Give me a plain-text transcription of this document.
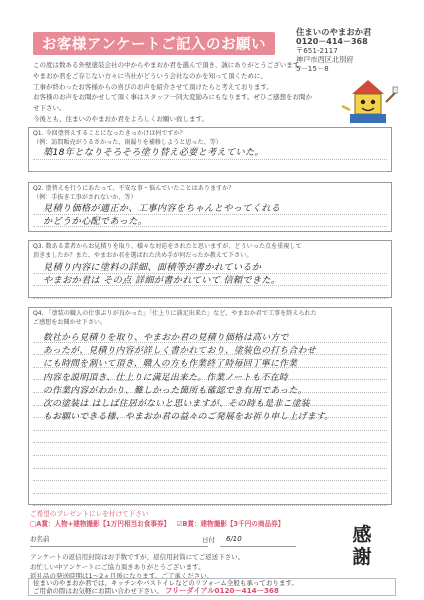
お客様アンケートご記入のお願い
住まいのやまおか君
0120－414－368
〒651-2117
神戸市西区北別府
5－15－8
この度は数ある外壁塗装会社の中からやまおか君を選んで頂き、誠にありがとうございます。
やまおか君をご存じない方々に当社がどういう会社なのかを知って頂くために、
工事が終わったお客様からの喜びのお声を紹介させて頂けたらと考えております。
お客様のお声をお聞かせして頂く事はスタッフ一同大変励みにもなります。ぜひご感想をお聞かせ下さい。
今後とも、住まいのやまおか君をよろしくお願い致します。
Q1. 今回塗替えすることになったきっかけは何ですか？
（例：訪問販売がうるさかった、雨漏りを補修しようと思った、等）
築18年となりそろそろ塗り替え必要と考えていた。
Q2. 塗替えを行うにあたって、不安な事・悩んでいたことはありますか？
（例：手抜き工事がされないか、等）
見積り価格が適正か、工事内容をちゃんとやってくれる
かどうか心配であった。
Q3. 数ある業者からお見積りを取り、様々な対応をされたと思いますが、どういった点を重視して
頂きましたか？また、やまおか君を選ばれた決め手が何だったか教えて下さい。
見積り内容に塗料の詳細、面積等が書かれているか
やまおか君は その点 詳細が書かれていて 信頼できた。
Q4. 「塗装の職人の仕事ぶりが良かった」「仕上りに満足出来た」など、やまおか君で工事を終えられた
ご感想をお聞かせ下さい。
数社から見積りを取り、やまおか君の見積り価格は高い方で
あったが、見積り内容が詳しく書かれており、塗装色の打ち合わせ
にも時間を割いて頂き、職人の方も作業終了時毎回丁寧に作業
内容を説明頂き、仕上りに満足出来た。作業ノートも不在時
の作業内容がわかり、難しかった箇所も確認でき有用であった。
次の塗装は はしば住居がないと思いますが、その時も是非こ塗装
もお願いできる様、やまおか君の益々のご発展をお祈り申し上げます。
ご希望のプレゼントにレを付けて下さい
□A賞：人物+建物撮影【1万円相当お食事券】 ☑B賞：建物撮影【3千円の商品券】
お名前	日付 6/10
アンケートの返信用封筒はお手数ですが、返信用封筒にてご返送下さい。
お忙しい中アンケートにご協力頂きありがとうございます。
返礼品の発送時期は1～2ヵ月後になります。ご了承ください。
感謝
住まいのやまおか君では、キッチンやバストイレなどのリフォーム全般も承っております。
ご用命の際はお気軽にお問い合わせ下さい。 フリーダイアル0120－414－368
